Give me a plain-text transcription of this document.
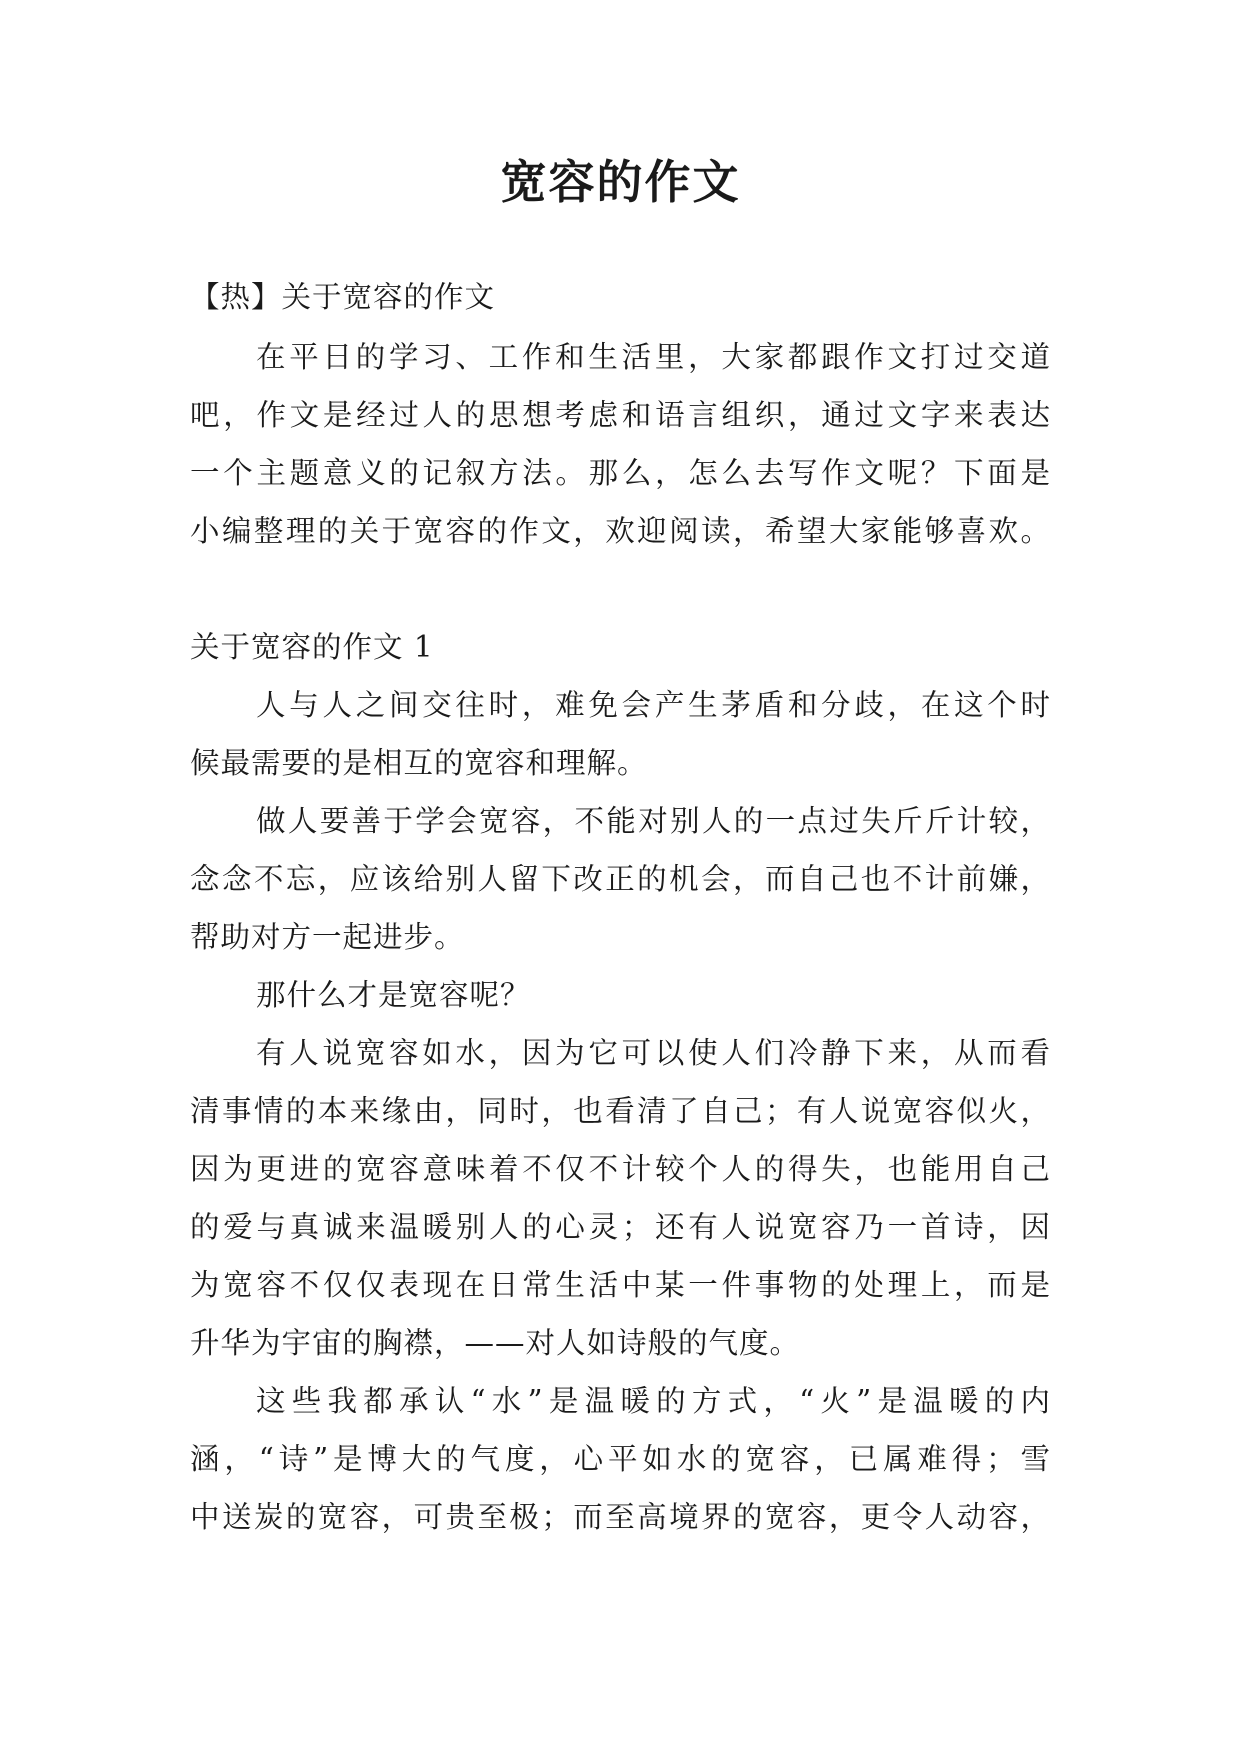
宽容的作文
【热】关于宽容的作文
在平日的学习、工作和生活里，大家都跟作文打过交道
吧，作文是经过人的思想考虑和语言组织，通过文字来表达
一个主题意义的记叙方法。那么，怎么去写作文呢？下面是
小编整理的关于宽容的作文，欢迎阅读，希望大家能够喜欢。
关于宽容的作文 1
人与人之间交往时，难免会产生茅盾和分歧，在这个时
候最需要的是相互的宽容和理解。
做人要善于学会宽容，不能对别人的一点过失斤斤计较，
念念不忘，应该给别人留下改正的机会，而自己也不计前嫌，
帮助对方一起进步。
那什么才是宽容呢？
有人说宽容如水，因为它可以使人们冷静下来，从而看
清事情的本来缘由，同时，也看清了自己；有人说宽容似火，
因为更进的宽容意味着不仅不计较个人的得失，也能用自己
的爱与真诚来温暖别人的心灵；还有人说宽容乃一首诗，因
为宽容不仅仅表现在日常生活中某一件事物的处理上，而是
升华为宇宙的胸襟，——对人如诗般的气度。
这些我都承认“水”是温暖的方式，“火”是温暖的内
涵，“诗”是博大的气度，心平如水的宽容，已属难得；雪
中送炭的宽容，可贵至极；而至高境界的宽容，更令人动容，
